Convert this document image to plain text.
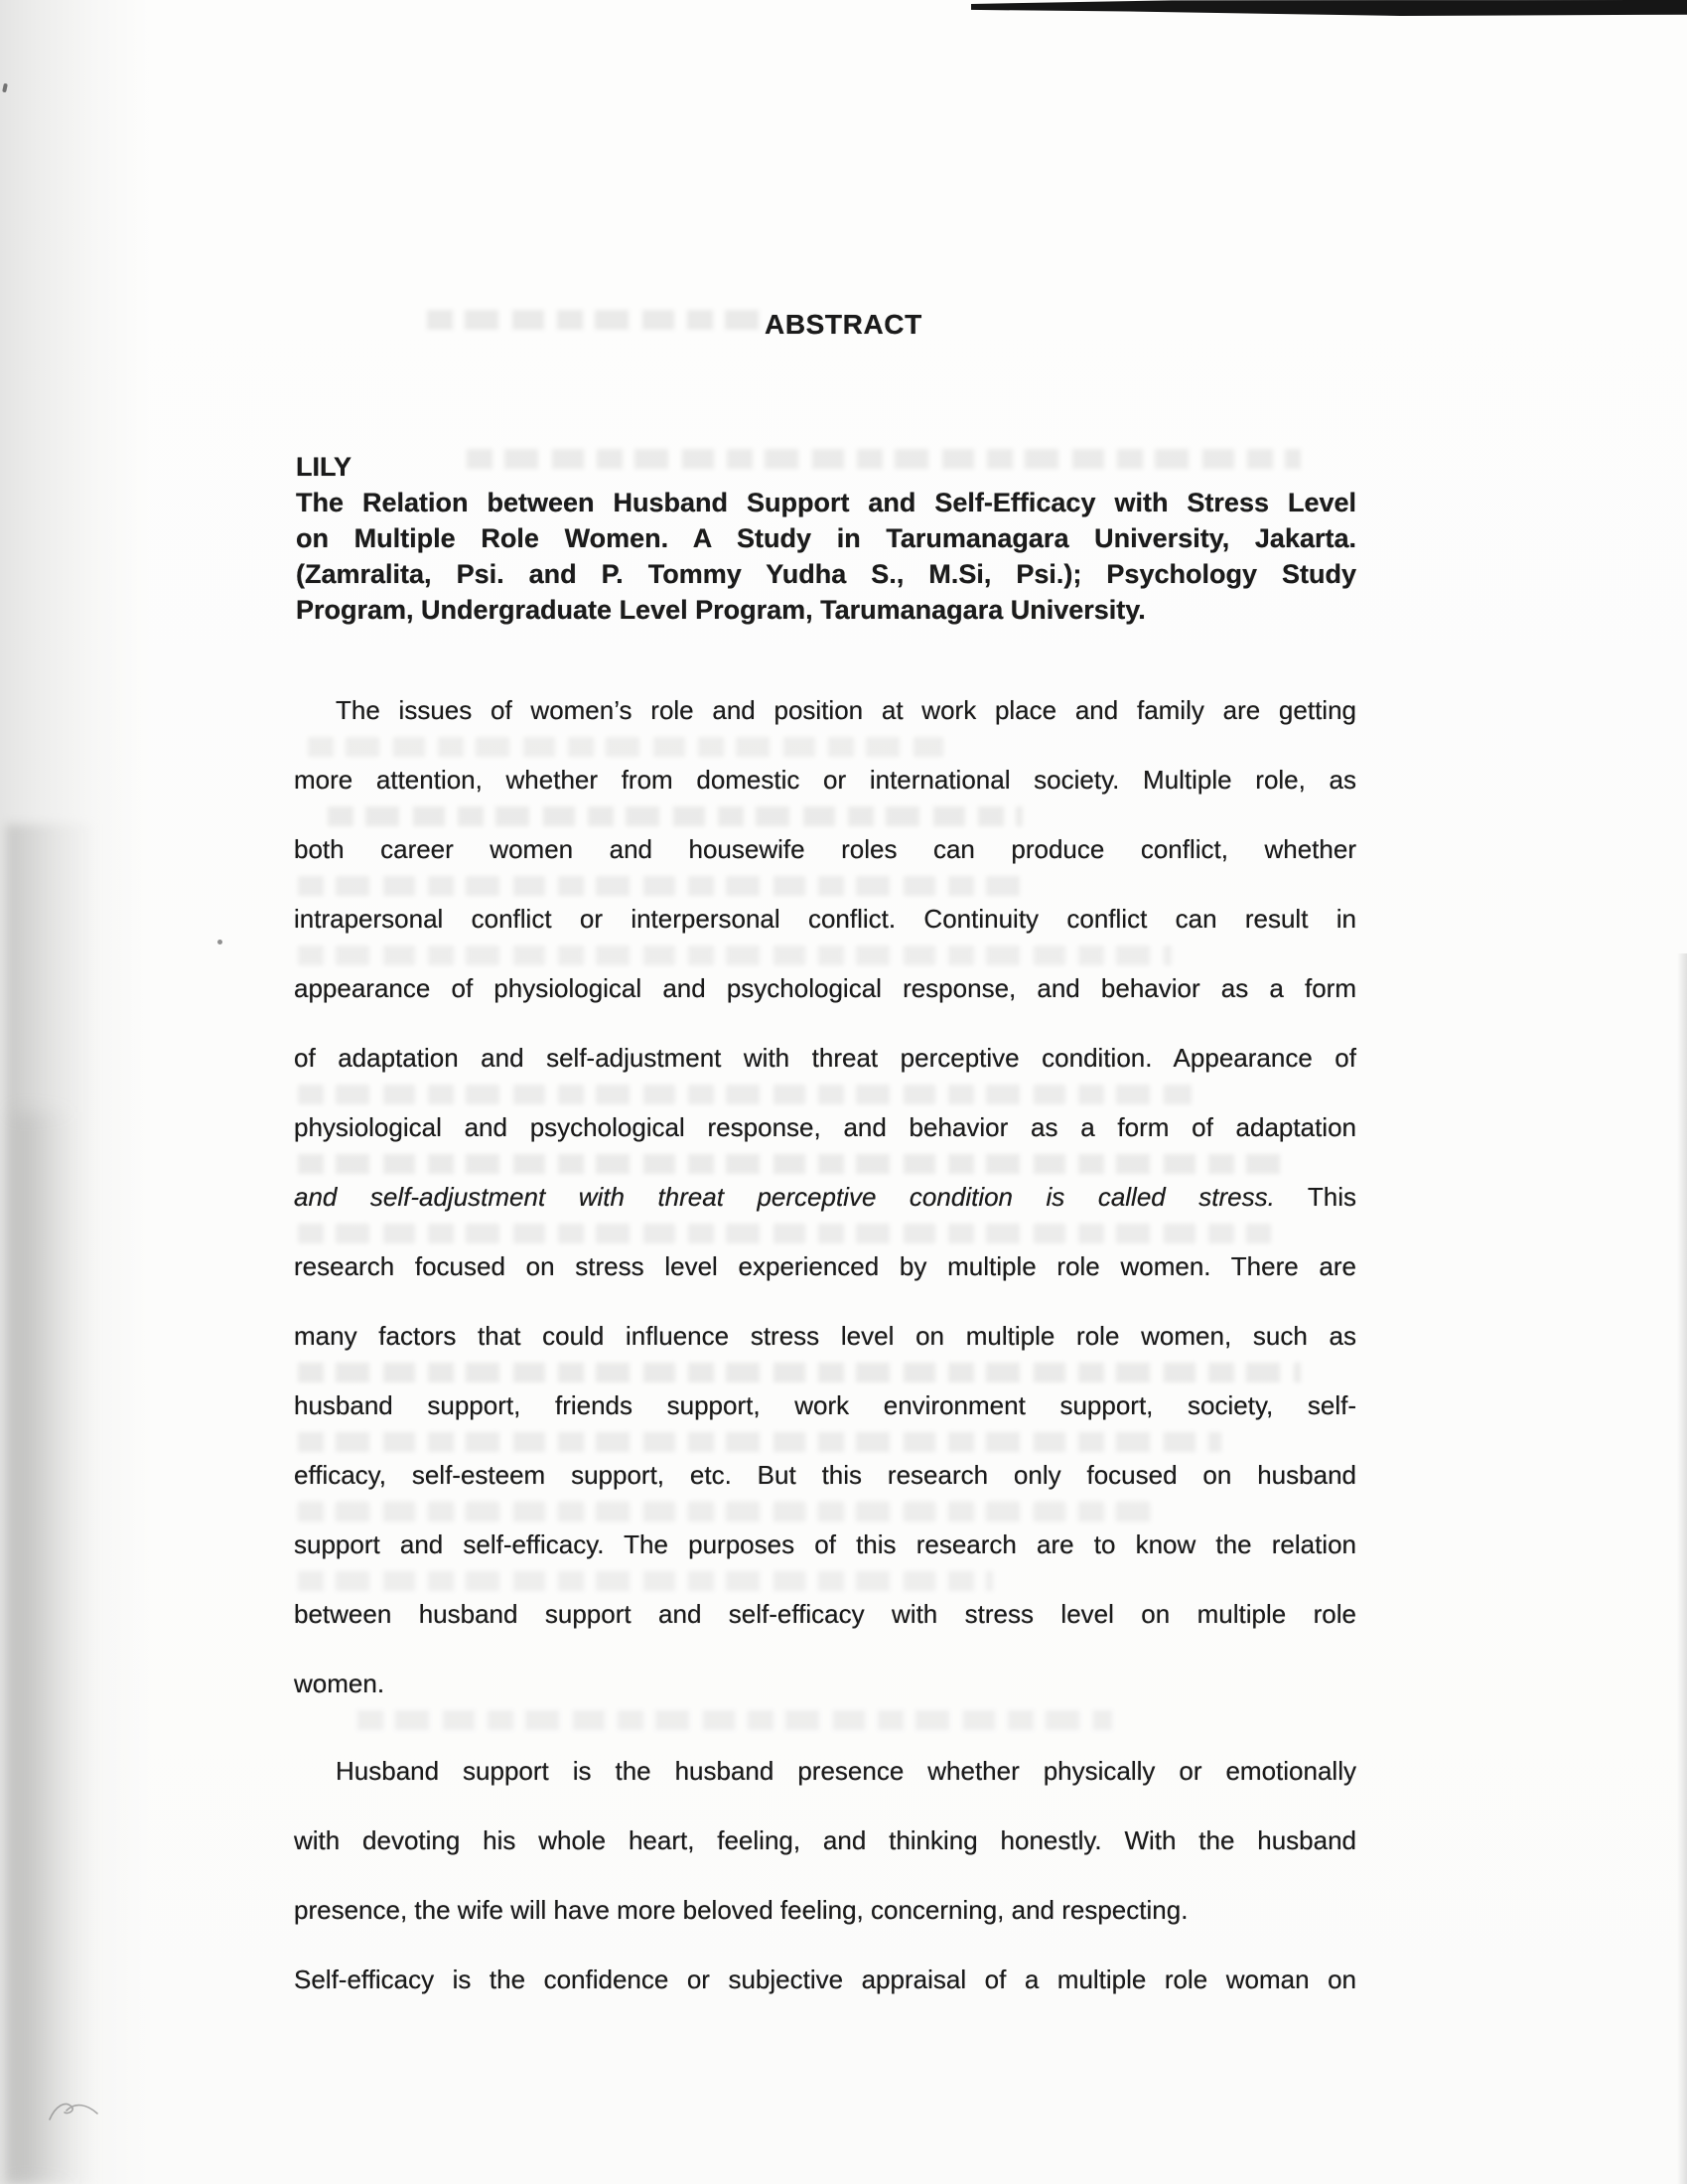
ABSTRACT
LILY
The Relation between Husband Support and Self-Efficacy with Stress Level
on Multiple Role Women. A Study in Tarumanagara University, Jakarta.
(Zamralita, Psi. and P. Tommy Yudha S., M.Si, Psi.); Psychology Study
Program, Undergraduate Level Program, Tarumanagara University.
The issues of women’s role and position at work place and family are getting
more attention, whether from domestic or international society. Multiple role, as
both career women and housewife roles can produce conflict, whether
intrapersonal conflict or interpersonal conflict. Continuity conflict can result in
appearance of physiological and psychological response, and behavior as a form
of adaptation and self-adjustment with threat perceptive condition. Appearance of
physiological and psychological response, and behavior as a form of adaptation
and self-adjustment with threat perceptive condition is called stress. This
research focused on stress level experienced by multiple role women. There are
many factors that could influence stress level on multiple role women, such as
husband support, friends support, work environment support, society, self-
efficacy, self-esteem support, etc. But this research only focused on husband
support and self-efficacy. The purposes of this research are to know the relation
between husband support and self-efficacy with stress level on multiple role
women.
Husband support is the husband presence whether physically or emotionally
with devoting his whole heart, feeling, and thinking honestly. With the husband
presence, the wife will have more beloved feeling, concerning, and respecting.
Self-efficacy is the confidence or subjective appraisal of a multiple role woman on
